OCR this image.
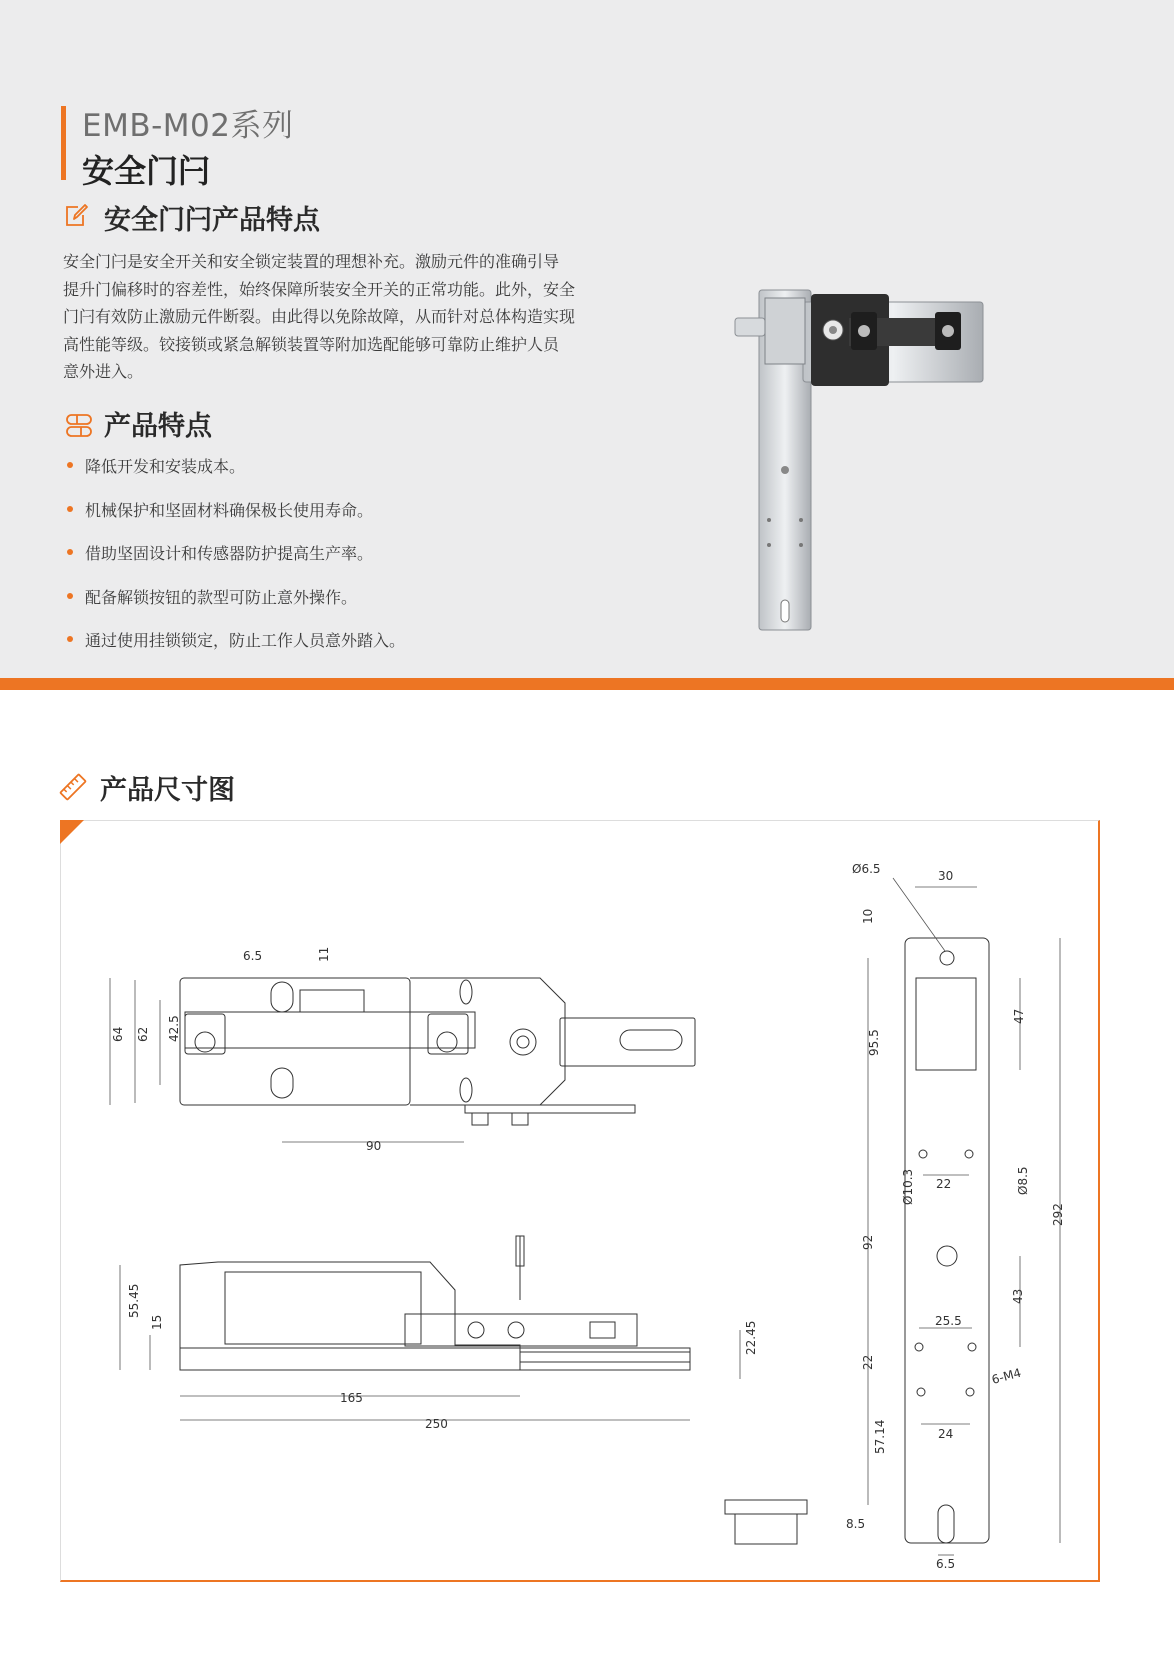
EMB-M02系列
安全门闩
安全门闩产品特点
安全门闩是安全开关和安全锁定装置的理想补充。激励元件的准确引导
提升门偏移时的容差性，始终保障所装安全开关的正常功能。此外，安全
门闩有效防止激励元件断裂。由此得以免除故障，从而针对总体构造实现
高性能等级。铰接锁或紧急解锁装置等附加选配能够可靠防止维护人员
意外进入。
产品特点
降低开发和安装成本。
机械保护和坚固材料确保极长使用寿命。
借助坚固设计和传感器防护提高生产率。
配备解锁按钮的款型可防止意外操作。
通过使用挂锁锁定，防止工作人员意外踏入。
产品尺寸图
6.5	11
64 62 42.5
90
55.45
15	22.45
165
250
Ø6.5	30
10
47
95.5
22
Ø10.3	Ø8.5
92
292
43
25.5
22
6-M4
24
57.14
8.5
6.5
